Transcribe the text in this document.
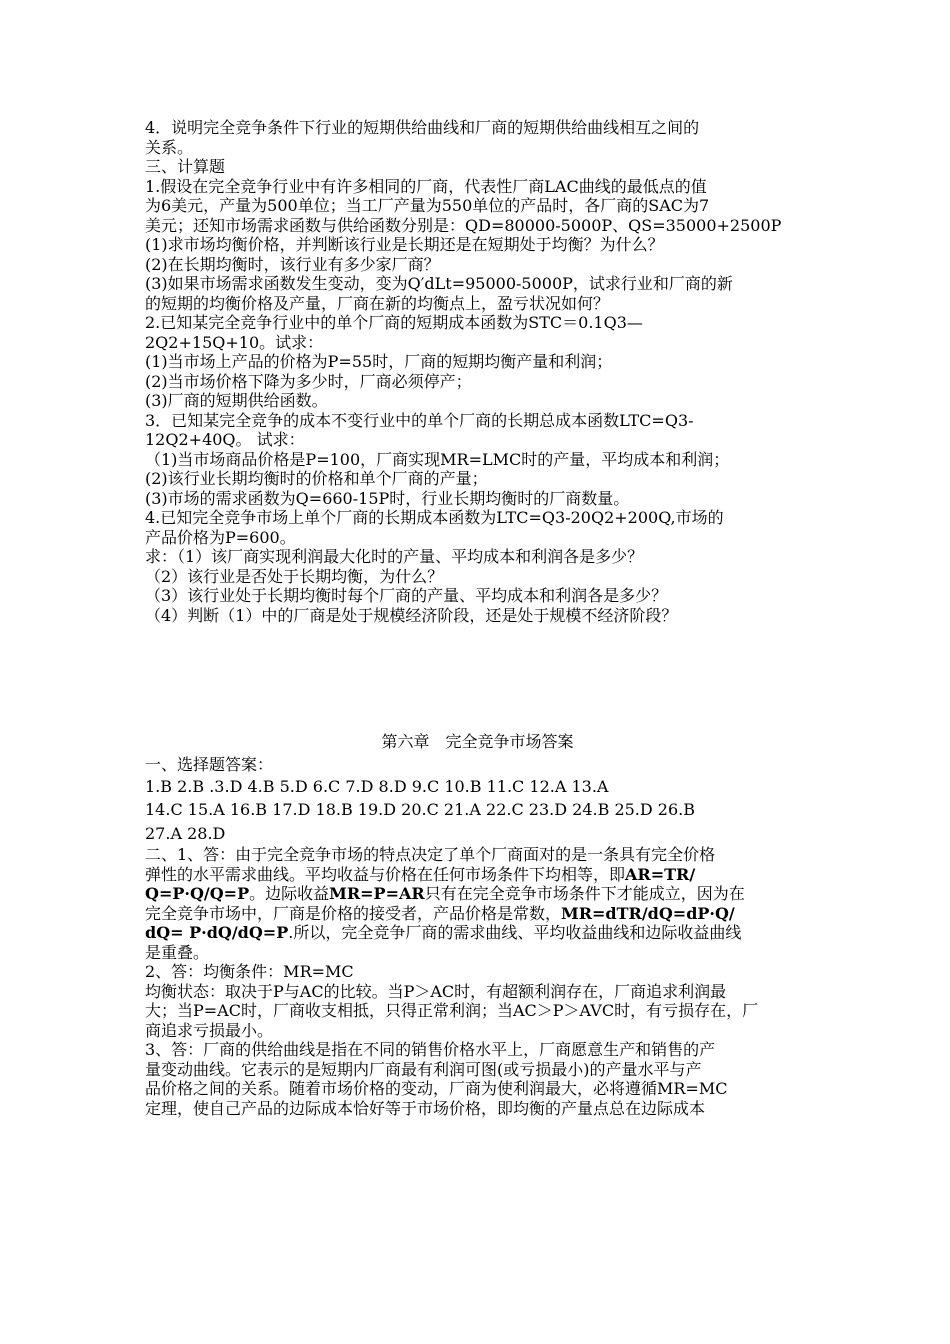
4．说明完全竞争条件下行业的短期供给曲线和厂商的短期供给曲线相互之间的
关系。
三、计算题
1.假设在完全竞争行业中有许多相同的厂商，代表性厂商LAC曲线的最低点的值
为6美元，产量为500单位；当工厂产量为550单位的产品时，各厂商的SAC为7
美元；还知市场需求函数与供给函数分别是：QD=80000-5000P、QS=35000+2500P
(1)求市场均衡价格，并判断该行业是长期还是在短期处于均衡？为什么？
(2)在长期均衡时，该行业有多少家厂商？
(3)如果市场需求函数发生变动，变为Q′dLt=95000-5000P，试求行业和厂商的新
的短期的均衡价格及产量，厂商在新的均衡点上，盈亏状况如何？
2.已知某完全竞争行业中的单个厂商的短期成本函数为STC＝0.1Q3—
2Q2+15Q+10。试求：
(1)当市场上产品的价格为P=55时，厂商的短期均衡产量和利润；
(2)当市场价格下降为多少时，厂商必须停产；
(3)厂商的短期供给函数。
3．已知某完全竞争的成本不变行业中的单个厂商的长期总成本函数LTC=Q3-
12Q2+40Q。 试求：
（1)当市场商品价格是P=100，厂商实现MR=LMC时的产量，平均成本和利润；
(2)该行业长期均衡时的价格和单个厂商的产量；
(3)市场的需求函数为Q=660-15P时，行业长期均衡时的厂商数量。
4.已知完全竞争市场上单个厂商的长期成本函数为LTC=Q3-20Q2+200Q,市场的
产品价格为P=600。
求：（1）该厂商实现利润最大化时的产量、平均成本和利润各是多少？
（2）该行业是否处于长期均衡，为什么？
（3）该行业处于长期均衡时每个厂商的产量、平均成本和利润各是多少？
（4）判断（1）中的厂商是处于规模经济阶段，还是处于规模不经济阶段？
第六章　完全竞争市场答案
一、选择题答案：
1.B 2.B .3.D 4.B 5.D 6.C 7.D 8.D 9.C 10.B 11.C 12.A 13.A
14.C 15.A 16.B 17.D 18.B 19.D 20.C 21.A 22.C 23.D 24.B 25.D 26.B
27.A 28.D
二、1、答：由于完全竞争市场的特点决定了单个厂商面对的是一条具有完全价格
弹性的水平需求曲线。平均收益与价格在任何市场条件下均相等，即AR=TR/
Q=P·Q/Q=P。边际收益MR=P=AR只有在完全竞争市场条件下才能成立，因为在
完全竞争市场中，厂商是价格的接受者，产品价格是常数，MR=dTR/dQ=dP·Q/
dQ= P·dQ/dQ=P.所以，完全竞争厂商的需求曲线、平均收益曲线和边际收益曲线
是重叠。
2、答：均衡条件：MR=MC
均衡状态：取决于P与AC的比较。当P＞AC时，有超额利润存在，厂商追求利润最
大；当P=AC时，厂商收支相抵，只得正常利润；当AC＞P＞AVC时，有亏损存在，厂
商追求亏损最小。
3、答：厂商的供给曲线是指在不同的销售价格水平上，厂商愿意生产和销售的产
量变动曲线。它表示的是短期内厂商最有利润可图(或亏损最小)的产量水平与产
品价格之间的关系。随着市场价格的变动，厂商为使利润最大，必将遵循MR=MC
定理，使自己产品的边际成本恰好等于市场价格，即均衡的产量点总在边际成本
